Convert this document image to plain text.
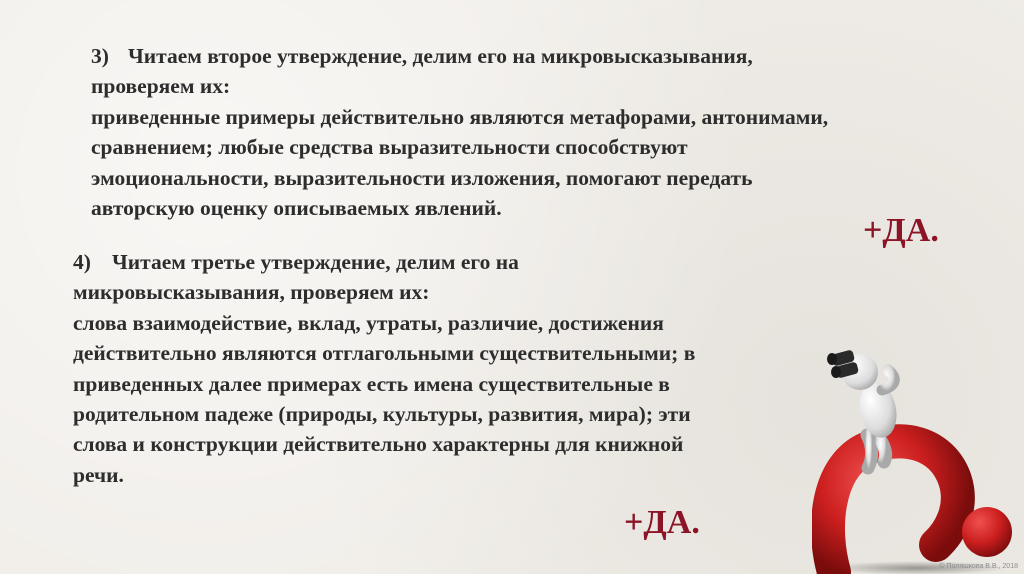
3) Читаем второе утверждение, делим его на микровысказывания,
проверяем их:
приведенные примеры действительно являются метафорами, антонимами,
сравнением; любые средства выразительности способствуют
эмоциональности, выразительности изложения, помогают передать
авторскую оценку описываемых явлений.
+ДА.
4) Читаем третье утверждение, делим его на
микровысказывания, проверяем их:
слова взаимодействие, вклад, утраты, различие, достижения
действительно являются отглагольными существительными; в
приведенных далее примерах есть имена существительные в
родительном падеже (природы, культуры, развития, мира); эти
слова и конструкции действительно характерны для книжной
речи.
+ДА.
© Поляшкова В.В., 2018
